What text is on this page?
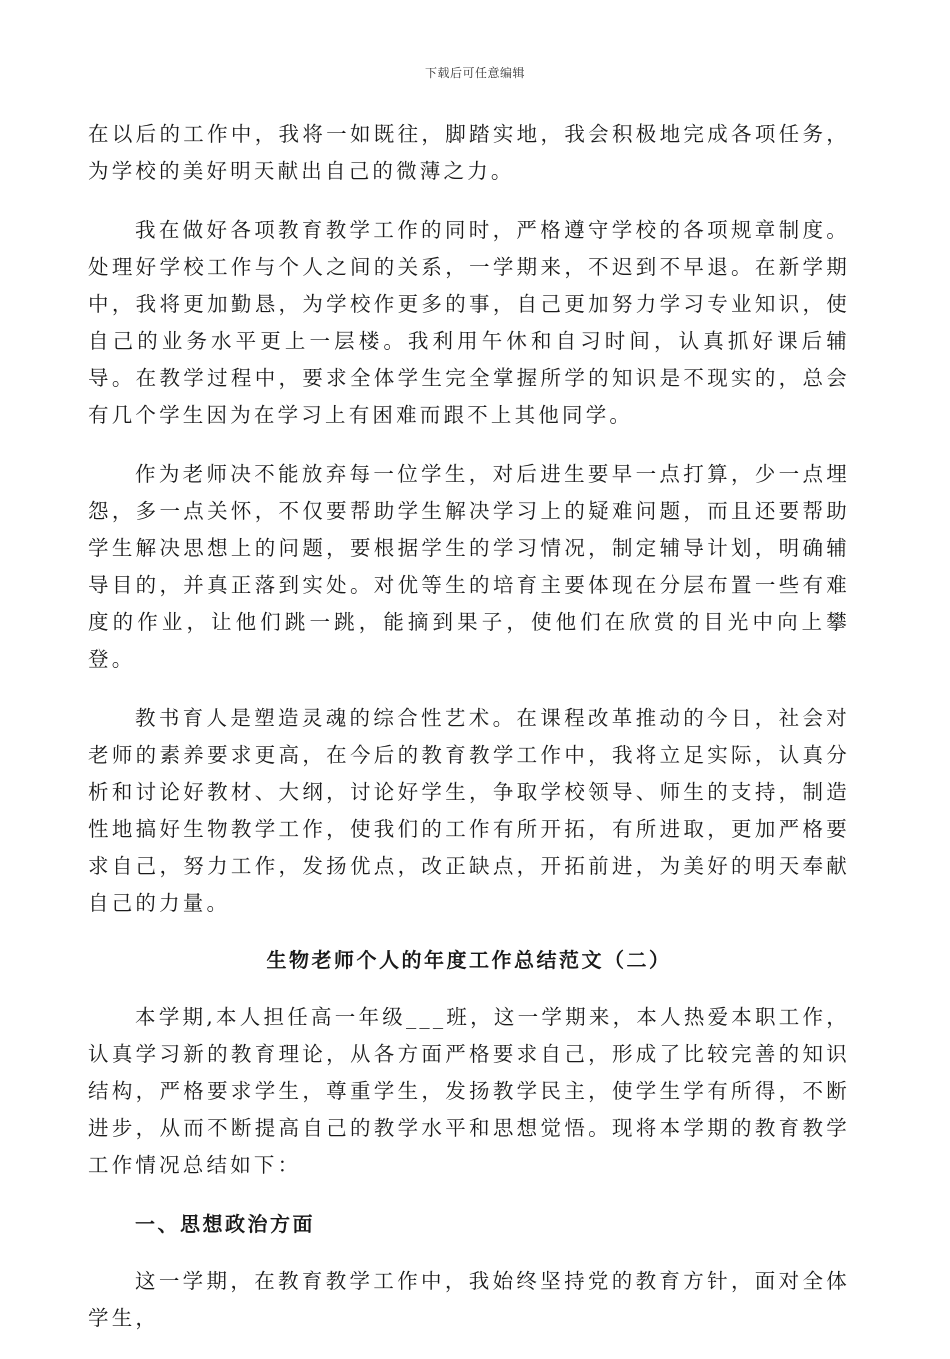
下载后可任意编辑

在以后的工作中，我将一如既往，脚踏实地，我会积极地完成各项任务，为学校的美好明天献出自己的微薄之力。

我在做好各项教育教学工作的同时，严格遵守学校的各项规章制度。处理好学校工作与个人之间的关系，一学期来，不迟到不早退。在新学期中，我将更加勤恳，为学校作更多的事，自己更加努力学习专业知识，使自己的业务水平更上一层楼。我利用午休和自习时间，认真抓好课后辅导。在教学过程中，要求全体学生完全掌握所学的知识是不现实的，总会有几个学生因为在学习上有困难而跟不上其他同学。

作为老师决不能放弃每一位学生，对后进生要早一点打算，少一点埋怨，多一点关怀，不仅要帮助学生解决学习上的疑难问题，而且还要帮助学生解决思想上的问题，要根据学生的学习情况，制定辅导计划，明确辅导目的，并真正落到实处。对优等生的培育主要体现在分层布置一些有难度的作业，让他们跳一跳，能摘到果子，使他们在欣赏的目光中向上攀登。

教书育人是塑造灵魂的综合性艺术。在课程改革推动的今日，社会对老师的素养要求更高，在今后的教育教学工作中，我将立足实际，认真分析和讨论好教材、大纲，讨论好学生，争取学校领导、师生的支持，制造性地搞好生物教学工作，使我们的工作有所开拓，有所进取，更加严格要求自己，努力工作，发扬优点，改正缺点，开拓前进，为美好的明天奉献自己的力量。

生物老师个人的年度工作总结范文（二）

本学期,本人担任高一年级___班，这一学期来，本人热爱本职工作，认真学习新的教育理论，从各方面严格要求自己，形成了比较完善的知识结构，严格要求学生，尊重学生，发扬教学民主，使学生学有所得，不断进步，从而不断提高自己的教学水平和思想觉悟。现将本学期的教育教学工作情况总结如下：

一、思想政治方面

这一学期，在教育教学工作中，我始终坚持党的教育方针，面对全体学生，
